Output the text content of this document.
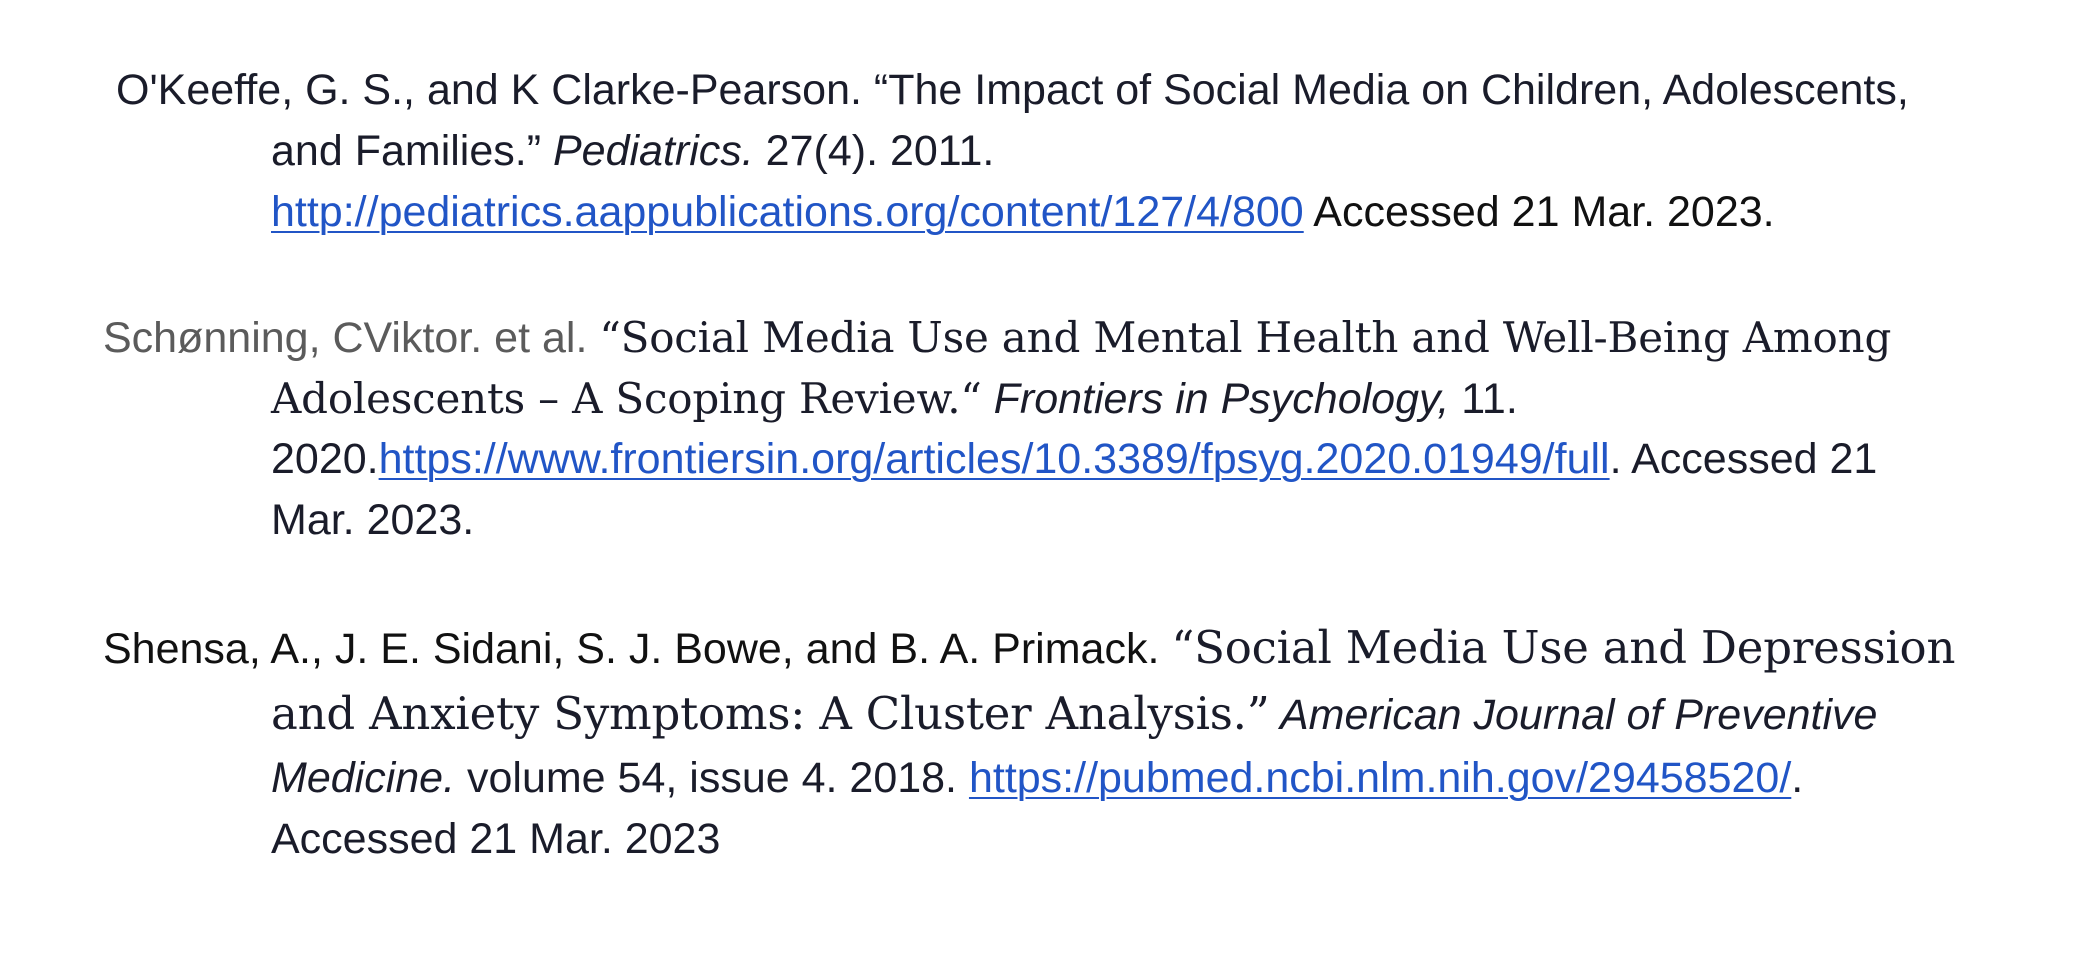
O'Keeffe, G. S., and K Clarke-Pearson. “The Impact of Social Media on Children, Adolescents,
and Families.” Pediatrics. 27(4). 2011.
http://pediatrics.aappublications.org/content/127/4/800 Accessed 21 Mar. 2023.
Schønning, CViktor. et al. “Social Media Use and Mental Health and Well-Being Among
Adolescents – A Scoping Review.“ Frontiers in Psychology, 11.
2020.https://www.frontiersin.org/articles/10.3389/fpsyg.2020.01949/full. Accessed 21
Mar. 2023.
Shensa, A., J. E. Sidani, S. J. Bowe, and B. A. Primack. “Social Media Use and Depression
and Anxiety Symptoms: A Cluster Analysis.” American Journal of Preventive
Medicine. volume 54, issue 4. 2018. https://pubmed.ncbi.nlm.nih.gov/29458520/.
Accessed 21 Mar. 2023
